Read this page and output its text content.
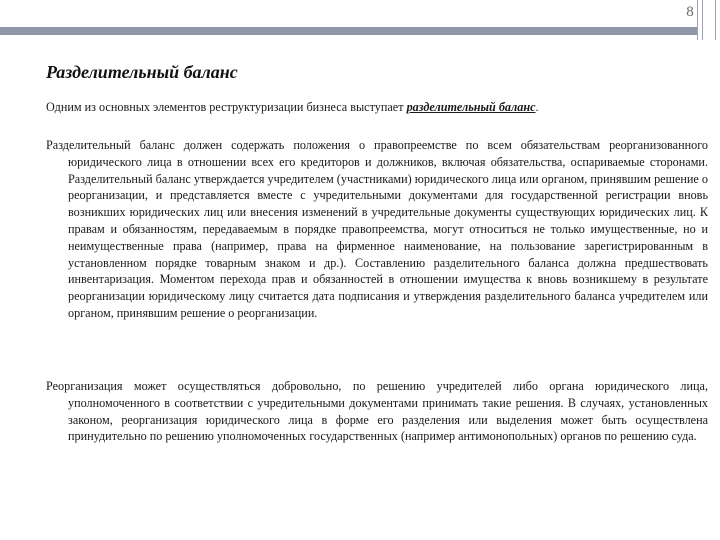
8
Разделительный баланс
Одним из основных элементов реструктуризации бизнеса выступает разделительный баланс.
Разделительный баланс должен содержать положения о правопреемстве по всем обязательствам реорганизованного юридического лица в отношении всех его кредиторов и должников, включая обязательства, оспариваемые сторонами. Разделительный баланс утверждается учредителем (участниками) юридического лица или органом, принявшим решение о реорганизации, и представляется вместе с учредительными документами для государственной регистрации вновь возникших юридических лиц или внесения изменений в учредительные документы существующих юридических лиц. К правам и обязанностям, передаваемым в порядке правопреемства, могут относиться не только имущественные, но и неимущественные права (например, права на фирменное наименование, на пользование зарегистрированным в установленном порядке товарным знаком и др.). Составлению разделительного баланса должна предшествовать инвентаризация. Моментом перехода прав и обязанностей в отношении имущества к вновь возникшему в результате реорганизации юридическому лицу считается дата подписания и утверждения разделительного баланса учредителем или органом, принявшим решение о реорганизации.
Реорганизация может осуществляться добровольно, по решению учредителей либо органа юридического лица, уполномоченного в соответствии с учредительными документами принимать такие решения. В случаях, установленных законом, реорганизация юридического лица в форме его разделения или выделения может быть осуществлена принудительно по решению уполномоченных государственных (например антимонопольных) органов по решению суда.
